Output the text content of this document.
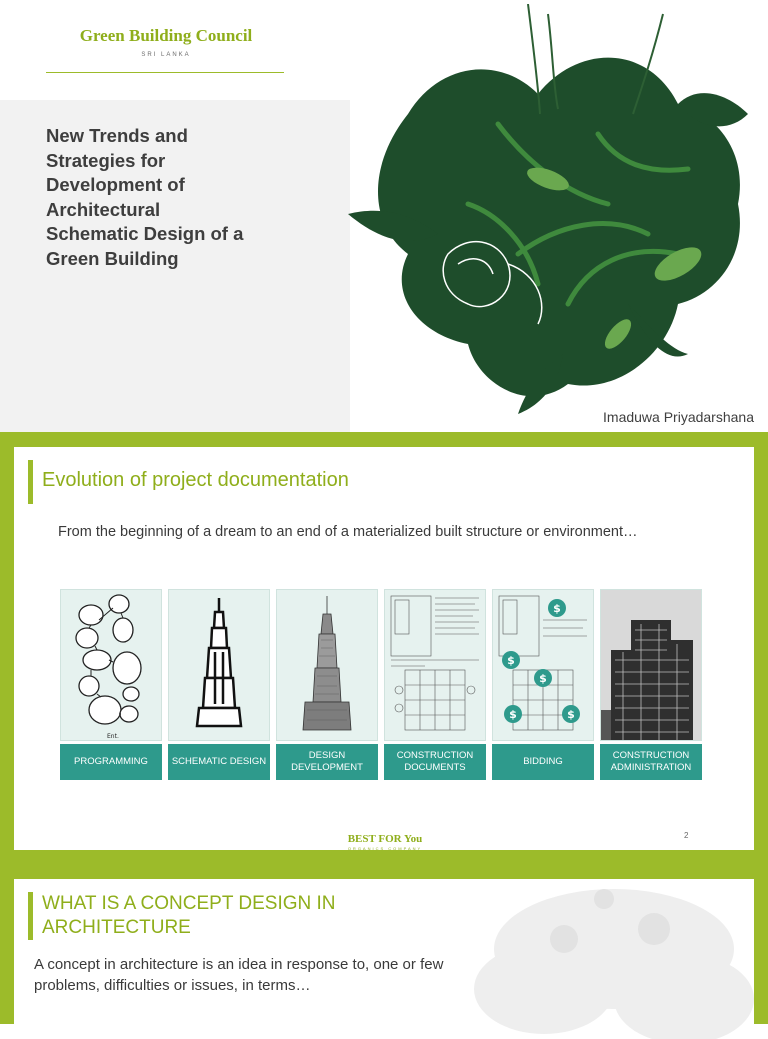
Green Building Council
SRI LANKA
New Trends and Strategies for Development of Architectural Schematic Design of a Green Building
Imaduwa Priyadarshana
Evolution of project documentation
From the beginning of a dream to an end of a materialized built structure or environment…
Ent.
PROGRAMMING	SCHEMATIC DESIGN
DESIGN DEVELOPMENT
CONSTRUCTION DOCUMENTS
$
$
$
$	$
BIDDING
CONSTRUCTION ADMINISTRATION
BEST FOR You
ORGANICS COMPANY
2
WHAT IS A CONCEPT DESIGN IN ARCHITECTURE
A concept in architecture is an idea in response to, one or few problems, difficulties or issues, in terms…
